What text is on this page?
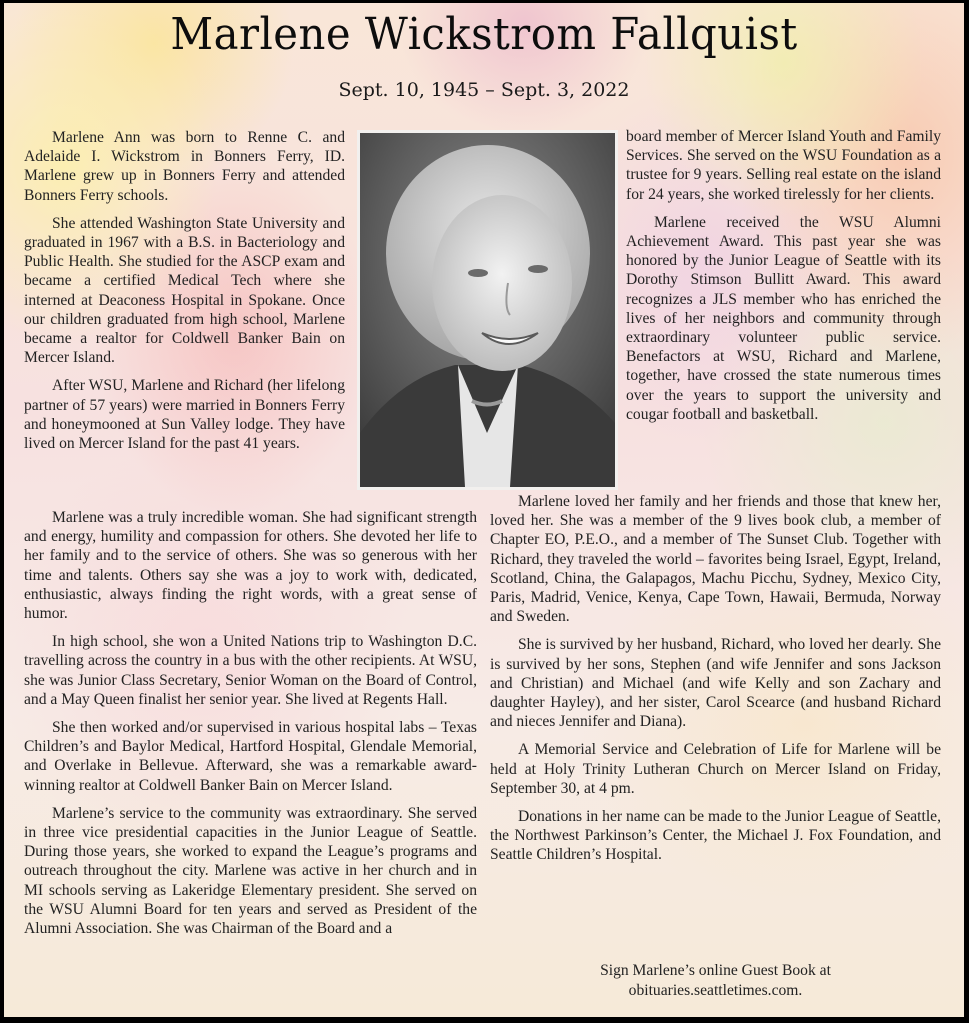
Marlene Wickstrom Fallquist
Sept. 10, 1945 – Sept. 3, 2022

Marlene Ann was born to Renne C. and Adelaide I. Wickstrom in Bonners Ferry, ID. Marlene grew up in Bonners Ferry and attended Bonners Ferry schools.

She attended Washington State University and graduated in 1967 with a B.S. in Bacteriology and Public Health. She studied for the ASCP exam and became a certified Medical Tech where she interned at Deaconess Hospital in Spokane. Once our children graduated from high school, Marlene became a realtor for Coldwell Banker Bain on Mercer Island.

After WSU, Marlene and Richard (her lifelong partner of 57 years) were married in Bonners Ferry and honeymooned at Sun Valley lodge. They have lived on Mercer Island for the past 41 years.

board member of Mercer Island Youth and Family Services. She served on the WSU Foundation as a trustee for 9 years. Selling real estate on the island for 24 years, she worked tirelessly for her clients.

Marlene received the WSU Alumni Achievement Award. This past year she was honored by the Junior League of Seattle with its Dorothy Stimson Bullitt Award. This award recognizes a JLS member who has enriched the lives of her neighbors and community through extraordinary volunteer public service. Benefactors at WSU, Richard and Marlene, together, have crossed the state numerous times over the years to support the university and cougar football and basketball.

Marlene was a truly incredible woman. She had significant strength and energy, humility and compassion for others. She devoted her life to her family and to the service of others. She was so generous with her time and talents. Others say she was a joy to work with, dedicated, enthusiastic, always finding the right words, with a great sense of humor.

In high school, she won a United Nations trip to Washington D.C. travelling across the country in a bus with the other recipients. At WSU, she was Junior Class Secretary, Senior Woman on the Board of Control, and a May Queen finalist her senior year. She lived at Regents Hall.

She then worked and/or supervised in various hospital labs – Texas Children’s and Baylor Medical, Hartford Hospital, Glendale Memorial, and Overlake in Bellevue. Afterward, she was a remarkable award-winning realtor at Coldwell Banker Bain on Mercer Island.

Marlene’s service to the community was extraordinary. She served in three vice presidential capacities in the Junior League of Seattle. During those years, she worked to expand the League’s programs and outreach throughout the city. Marlene was active in her church and in MI schools serving as Lakeridge Elementary president. She served on the WSU Alumni Board for ten years and served as President of the Alumni Association. She was Chairman of the Board and a

Marlene loved her family and her friends and those that knew her, loved her. She was a member of the 9 lives book club, a member of Chapter EO, P.E.O., and a member of The Sunset Club. Together with Richard, they traveled the world – favorites being Israel, Egypt, Ireland, Scotland, China, the Galapagos, Machu Picchu, Sydney, Mexico City, Paris, Madrid, Venice, Kenya, Cape Town, Hawaii, Bermuda, Norway and Sweden.

She is survived by her husband, Richard, who loved her dearly. She is survived by her sons, Stephen (and wife Jennifer and sons Jackson and Christian) and Michael (and wife Kelly and son Zachary and daughter Hayley), and her sister, Carol Scearce (and husband Richard and nieces Jennifer and Diana).

A Memorial Service and Celebration of Life for Marlene will be held at Holy Trinity Lutheran Church on Mercer Island on Friday, September 30, at 4 pm.

Donations in her name can be made to the Junior League of Seattle, the Northwest Parkinson’s Center, the Michael J. Fox Foundation, and Seattle Children’s Hospital.

Sign Marlene’s online Guest Book at
obituaries.seattletimes.com.
